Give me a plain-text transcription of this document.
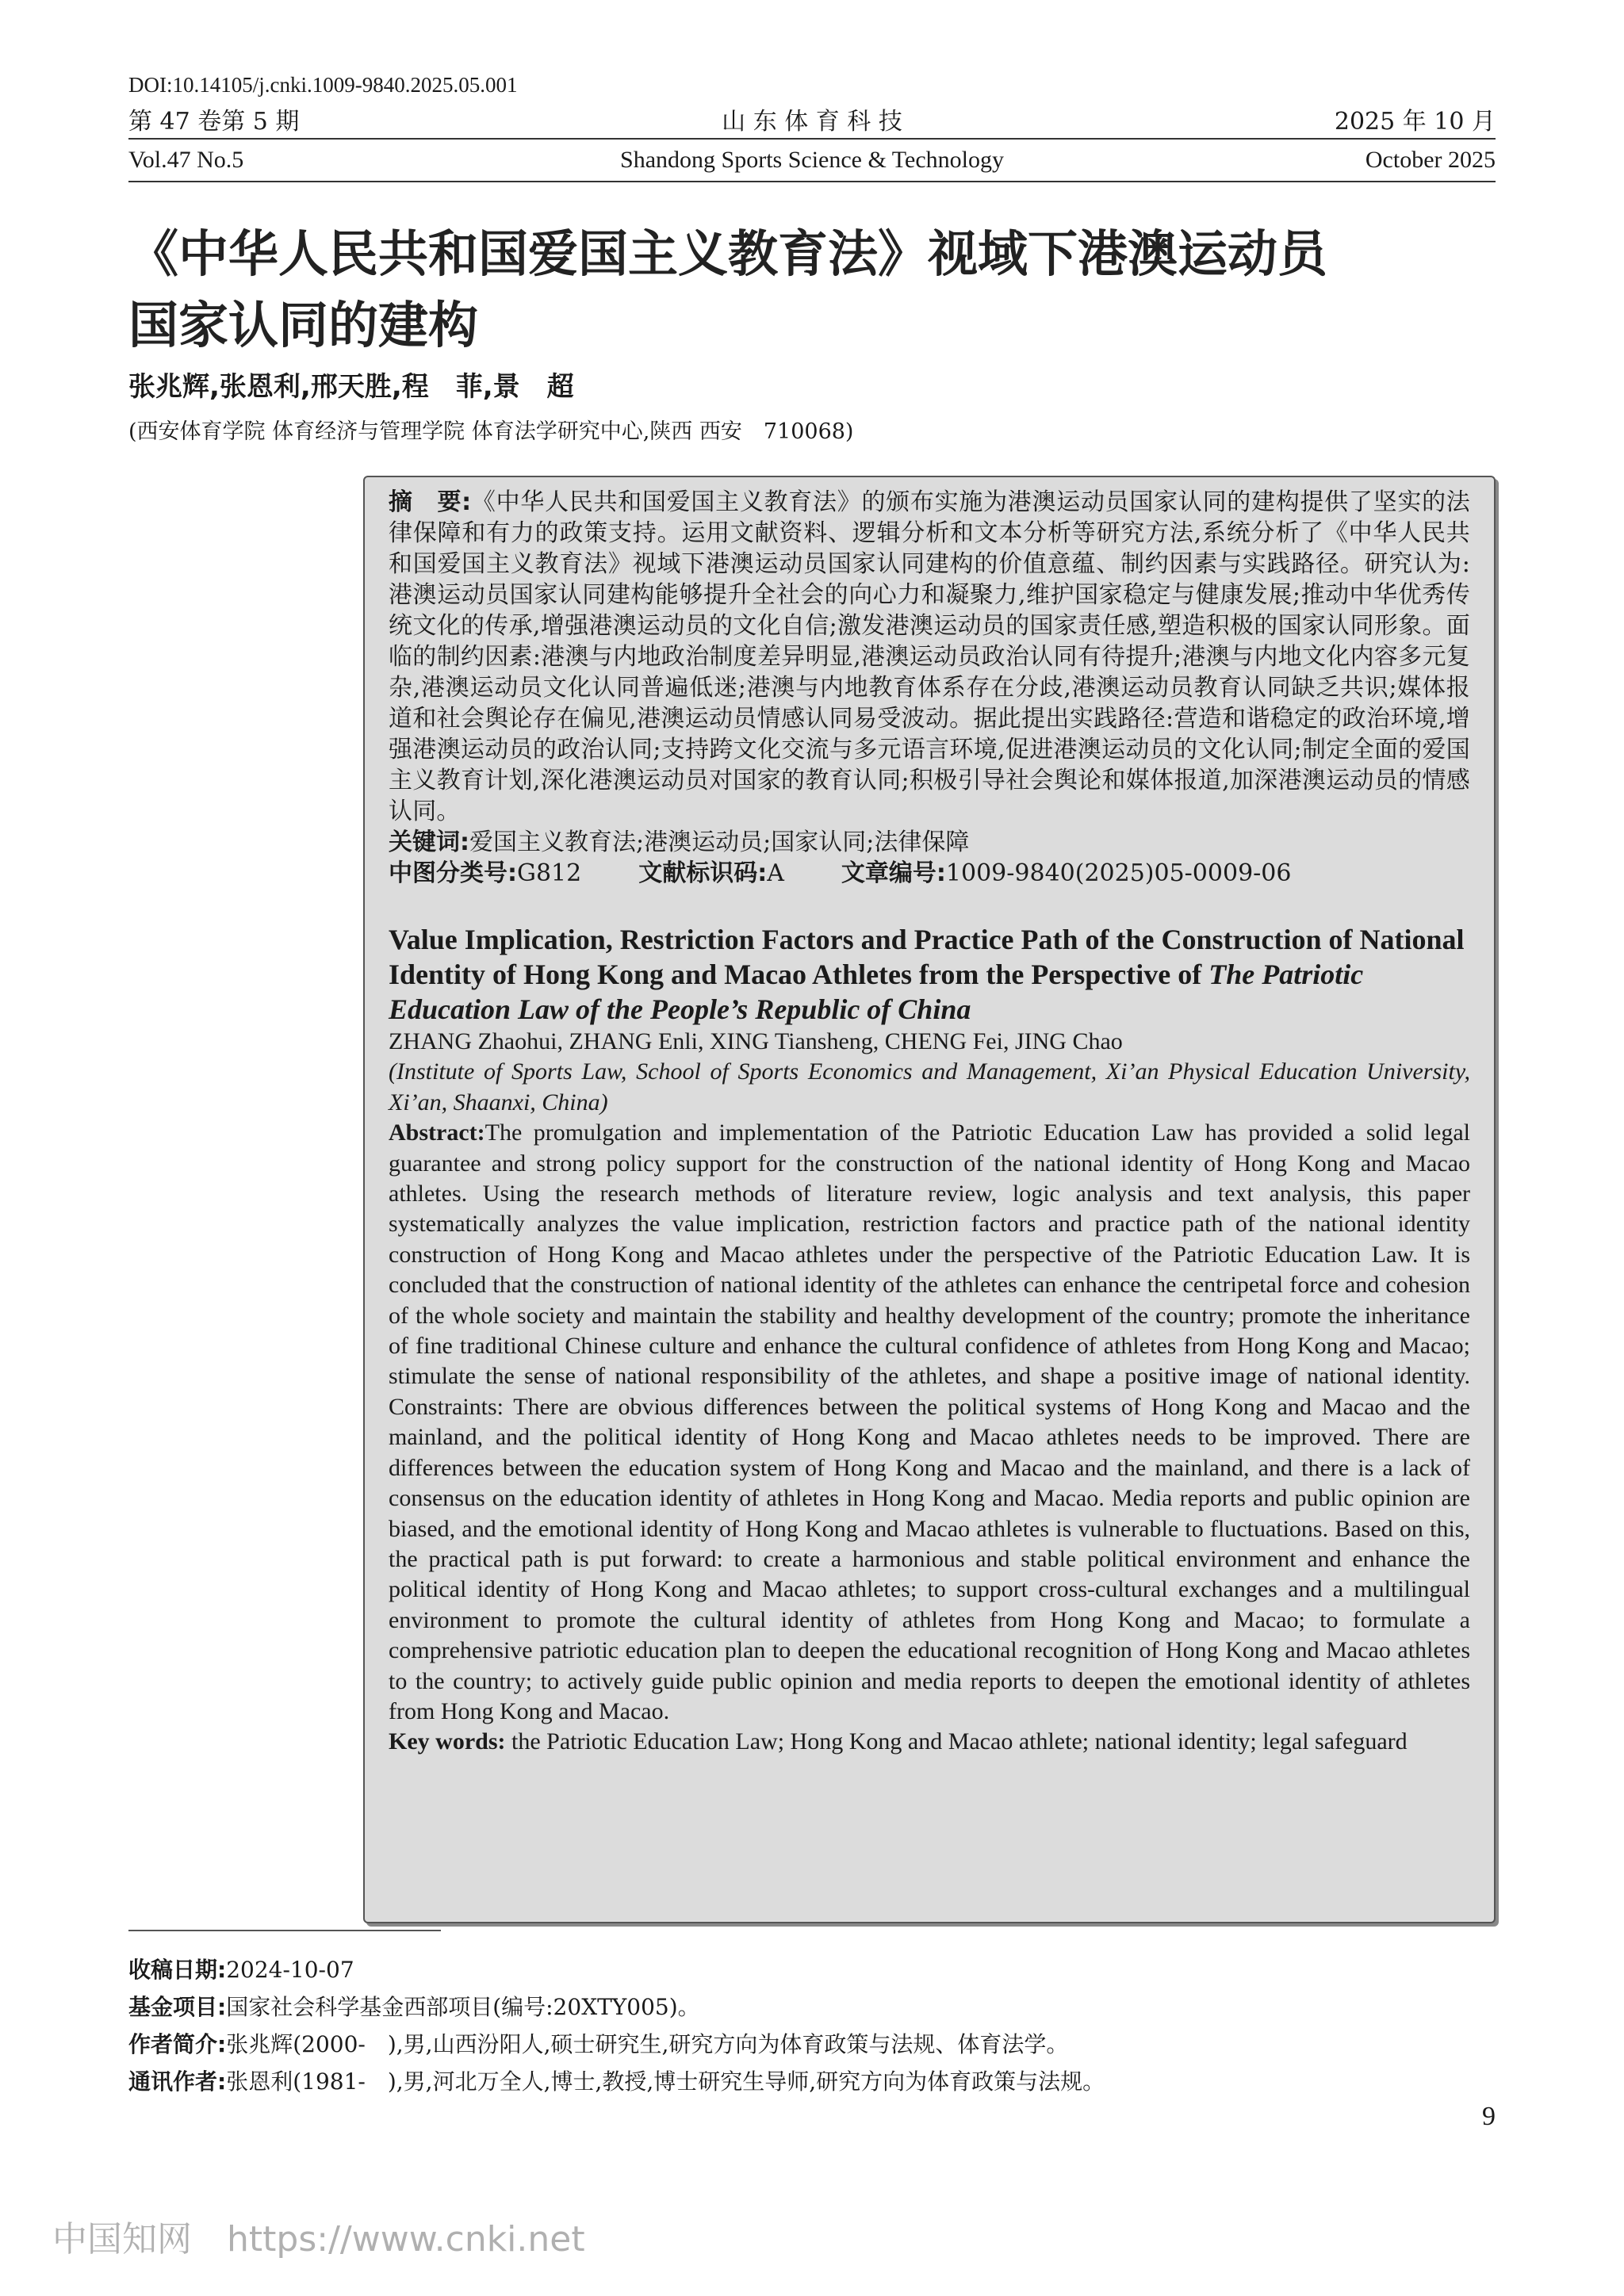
DOI:10.14105/j.cnki.1009-9840.2025.05.001
第 47 卷第 5 期	山 东 体 育 科 技	2025 年 10 月
Vol.47 No.5	Shandong Sports Science & Technology	October 2025
《中华人民共和国爱国主义教育法》视域下港澳运动员
国家认同的建构
张兆辉,张恩利,邢天胜,程　菲,景　超
(西安体育学院 体育经济与管理学院 体育法学研究中心,陕西 西安　710068)
摘　要:《中华人民共和国爱国主义教育法》的颁布实施为港澳运动员国家认同的建构提供了坚实的法律保障和有力的政策支持。运用文献资料、逻辑分析和文本分析等研究方法,系统分析了《中华人民共和国爱国主义教育法》视域下港澳运动员国家认同建构的价值意蕴、制约因素与实践路径。研究认为:港澳运动员国家认同建构能够提升全社会的向心力和凝聚力,维护国家稳定与健康发展;推动中华优秀传统文化的传承,增强港澳运动员的文化自信;激发港澳运动员的国家责任感,塑造积极的国家认同形象。面临的制约因素:港澳与内地政治制度差异明显,港澳运动员政治认同有待提升;港澳与内地文化内容多元复杂,港澳运动员文化认同普遍低迷;港澳与内地教育体系存在分歧,港澳运动员教育认同缺乏共识;媒体报道和社会舆论存在偏见,港澳运动员情感认同易受波动。据此提出实践路径:营造和谐稳定的政治环境,增强港澳运动员的政治认同;支持跨文化交流与多元语言环境,促进港澳运动员的文化认同;制定全面的爱国主义教育计划,深化港澳运动员对国家的教育认同;积极引导社会舆论和媒体报道,加深港澳运动员的情感认同。
关键词:爱国主义教育法;港澳运动员;国家认同;法律保障
中图分类号:G812 文献标识码:A 文章编号:1009-9840(2025)05-0009-06
Value Implication, Restriction Factors and Practice Path of the Construction of National Identity of Hong Kong and Macao Athletes from the Perspective of The Patriotic Education Law of the People’s Republic of China
ZHANG Zhaohui, ZHANG Enli, XING Tiansheng, CHENG Fei, JING Chao
(Institute of Sports Law, School of Sports Economics and Management, Xi’an Physical Education University, Xi’an, Shaanxi, China)
Abstract:The promulgation and implementation of the Patriotic Education Law has provided a solid legal guarantee and strong policy support for the construction of the national identity of Hong Kong and Macao athletes. Using the research methods of literature review, logic analysis and text analysis, this paper systematically analyzes the value implication, restriction factors and practice path of the national identity construction of Hong Kong and Macao athletes under the perspective of the Patriotic Education Law. It is concluded that the construction of national identity of the athletes can enhance the centripetal force and cohesion of the whole society and maintain the stability and healthy development of the country; promote the inheritance of fine traditional Chinese culture and enhance the cultural confidence of athletes from Hong Kong and Macao; stimulate the sense of national responsibility of the athletes, and shape a positive image of national identity. Constraints: There are obvious differences between the political systems of Hong Kong and Macao and the mainland, and the political identity of Hong Kong and Macao athletes needs to be improved. There are differences between the education system of Hong Kong and Macao and the mainland, and there is a lack of consensus on the education identity of athletes in Hong Kong and Macao. Media reports and public opinion are biased, and the emotional identity of Hong Kong and Macao athletes is vulnerable to fluctuations. Based on this, the practical path is put forward: to create a harmonious and stable political environment and enhance the political identity of Hong Kong and Macao athletes; to support cross-cultural exchanges and a multilingual environment to promote the cultural identity of athletes from Hong Kong and Macao; to formulate a comprehensive patriotic education plan to deepen the educational recognition of Hong Kong and Macao athletes to the country; to actively guide public opinion and media reports to deepen the emotional identity of athletes from Hong Kong and Macao.
Key words: the Patriotic Education Law; Hong Kong and Macao athlete; national identity; legal safeguard
收稿日期:2024-10-07
基金项目:国家社会科学基金西部项目(编号:20XTY005)。
作者简介:张兆辉(2000-　),男,山西汾阳人,硕士研究生,研究方向为体育政策与法规、体育法学。
通讯作者:张恩利(1981-　),男,河北万全人,博士,教授,博士研究生导师,研究方向为体育政策与法规。
9
中国知网　https://www.cnki.net
